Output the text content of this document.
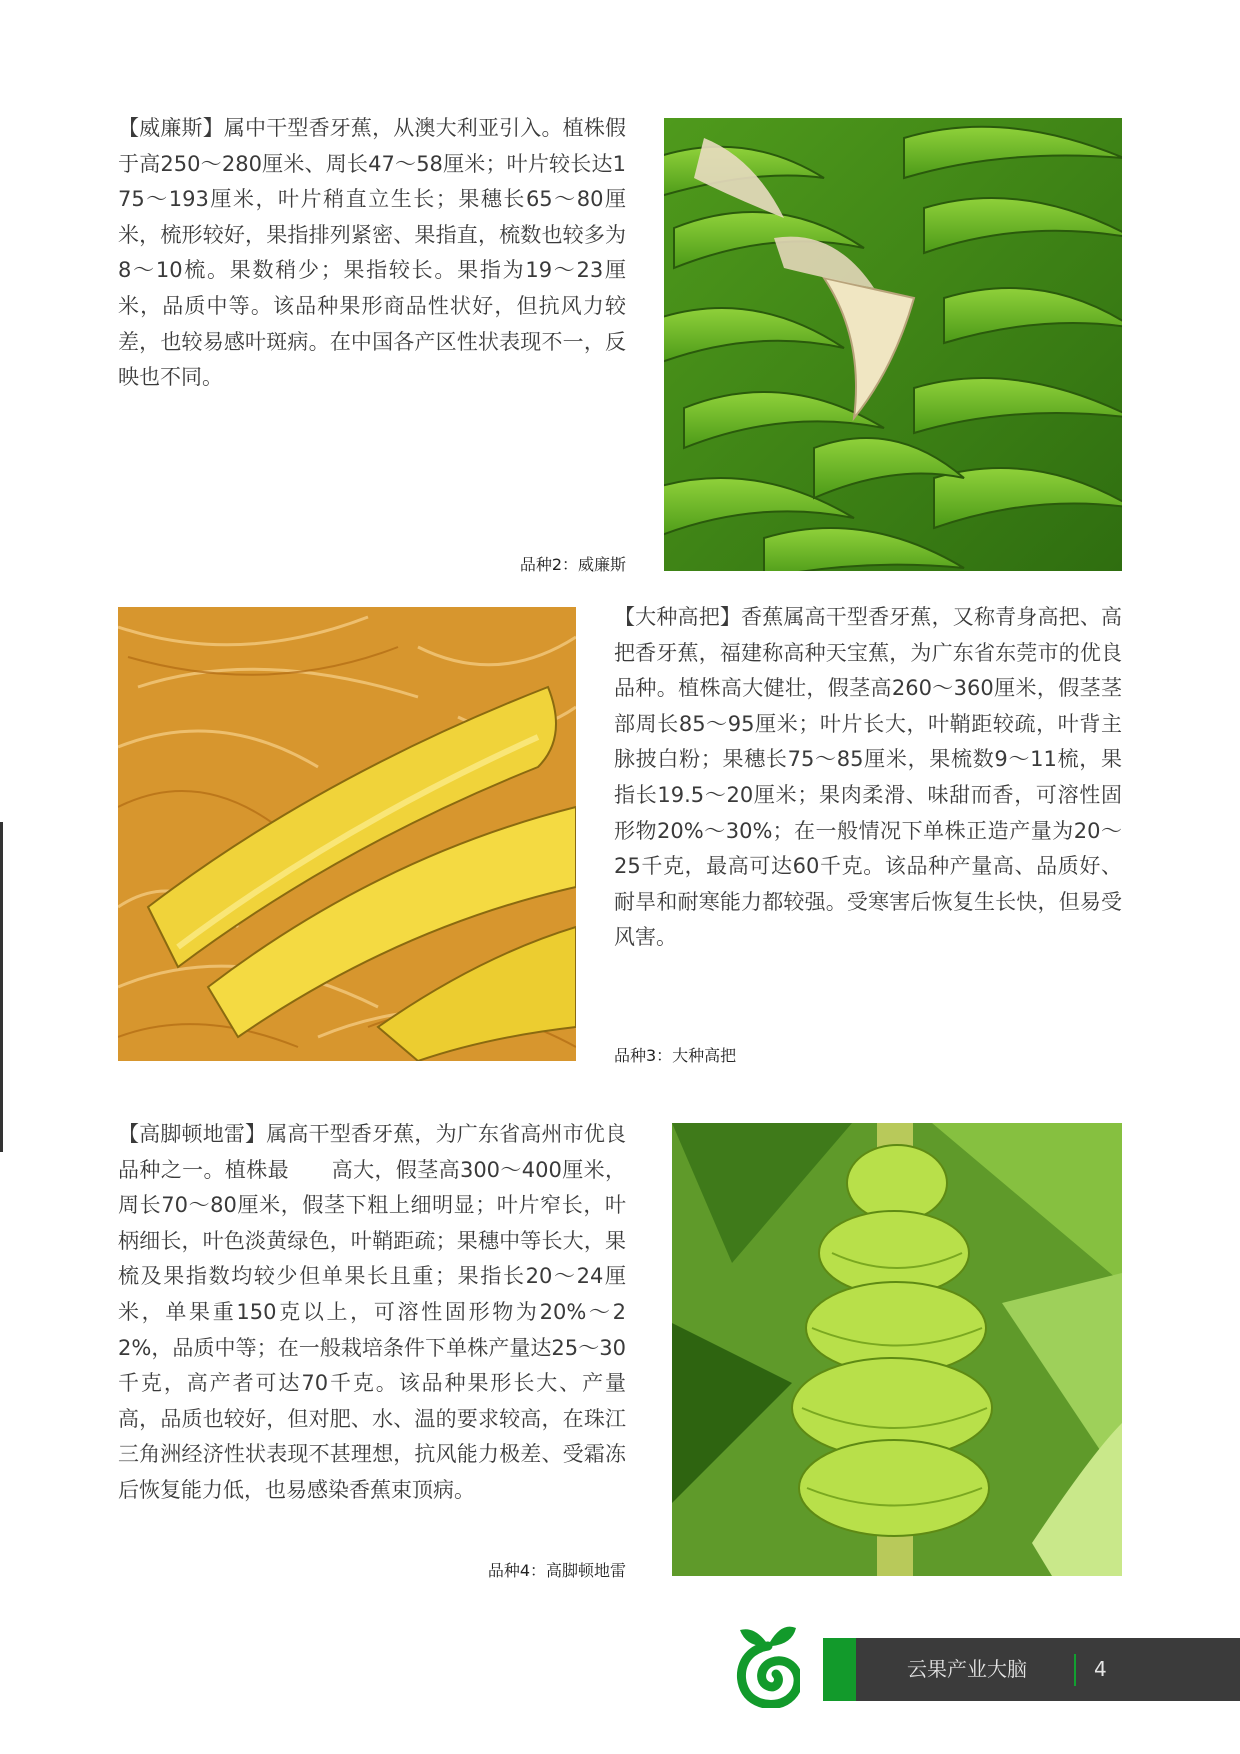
【威廉斯】属中干型香牙蕉，从澳大利亚引入。植株假于高250～280厘米、周长47～58厘米；叶片较长达175～193厘米，叶片稍直立生长；果穗长65～80厘米，梳形较好，果指排列紧密、果指直，梳数也较多为8～10梳。果数稍少；果指较长。果指为19～23厘米，品质中等。该品种果形商品性状好，但抗风力较差，也较易感叶斑病。在中国各产区性状表现不一，反映也不同。

品种2：威廉斯

【大种高把】香蕉属高干型香牙蕉，又称青身高把、高把香牙蕉，福建称高种天宝蕉，为广东省东莞市的优良品种。植株高大健壮，假茎高260～360厘米，假茎茎部周长85～95厘米；叶片长大，叶鞘距较疏，叶背主脉披白粉；果穗长75～85厘米，果梳数9～11梳，果指长19.5～20厘米；果肉柔滑、味甜而香，可溶性固形物20%～30%；在一般情况下单株正造产量为20～25千克，最高可达60千克。该品种产量高、品质好、耐旱和耐寒能力都较强。受寒害后恢复生长快，但易受风害。

品种3：大种高把

【高脚顿地雷】属高干型香牙蕉，为广东省高州市优良品种之一。植株最　　高大，假茎高300～400厘米，周长70～80厘米，假茎下粗上细明显；叶片窄长，叶柄细长，叶色淡黄绿色，叶鞘距疏；果穗中等长大，果梳及果指数均较少但单果长且重；果指长20～24厘米，单果重150克以上，可溶性固形物为20%～22%，品质中等；在一般栽培条件下单株产量达25～30千克，高产者可达70千克。该品种果形长大、产量高，品质也较好，但对肥、水、温的要求较高，在珠江三角洲经济性状表现不甚理想，抗风能力极差、受霜冻后恢复能力低，也易感染香蕉束顶病。

品种4：高脚顿地雷
云果产业大脑	4
